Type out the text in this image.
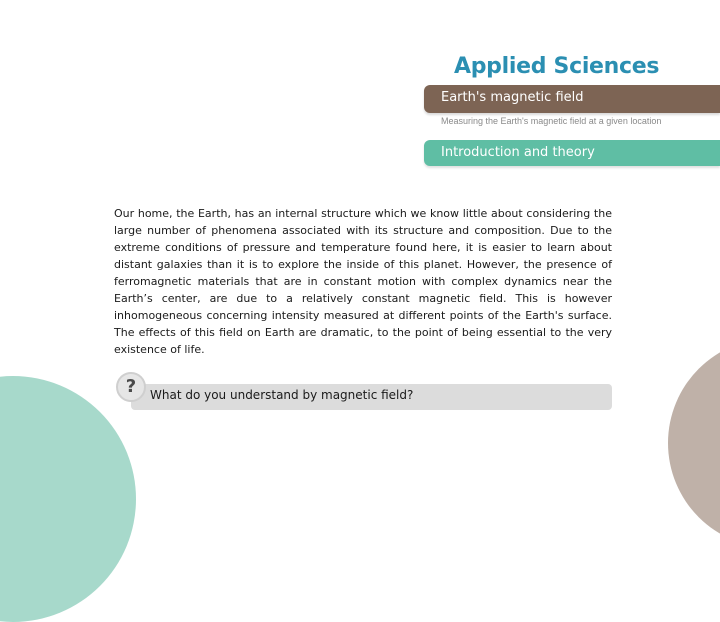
Applied Sciences
Earth's magnetic field
Measuring the Earth's magnetic field at a given location
Introduction and theory

Our home, the Earth, has an internal structure which we know little about considering the large number of phenomena associated with its structure and composition. Due to the extreme conditions of pressure and temperature found here, it is easier to learn about distant galaxies than it is to explore the inside of this planet. However, the presence of ferromagnetic materials that are in constant motion with complex dynamics near the Earth’s center, are due to a relatively constant magnetic field. This is however inhomogeneous concerning intensity measured at different points of the Earth's surface. The effects of this field on Earth are dramatic, to the point of being essential to the very existence of life.

What do you understand by magnetic field?
?
